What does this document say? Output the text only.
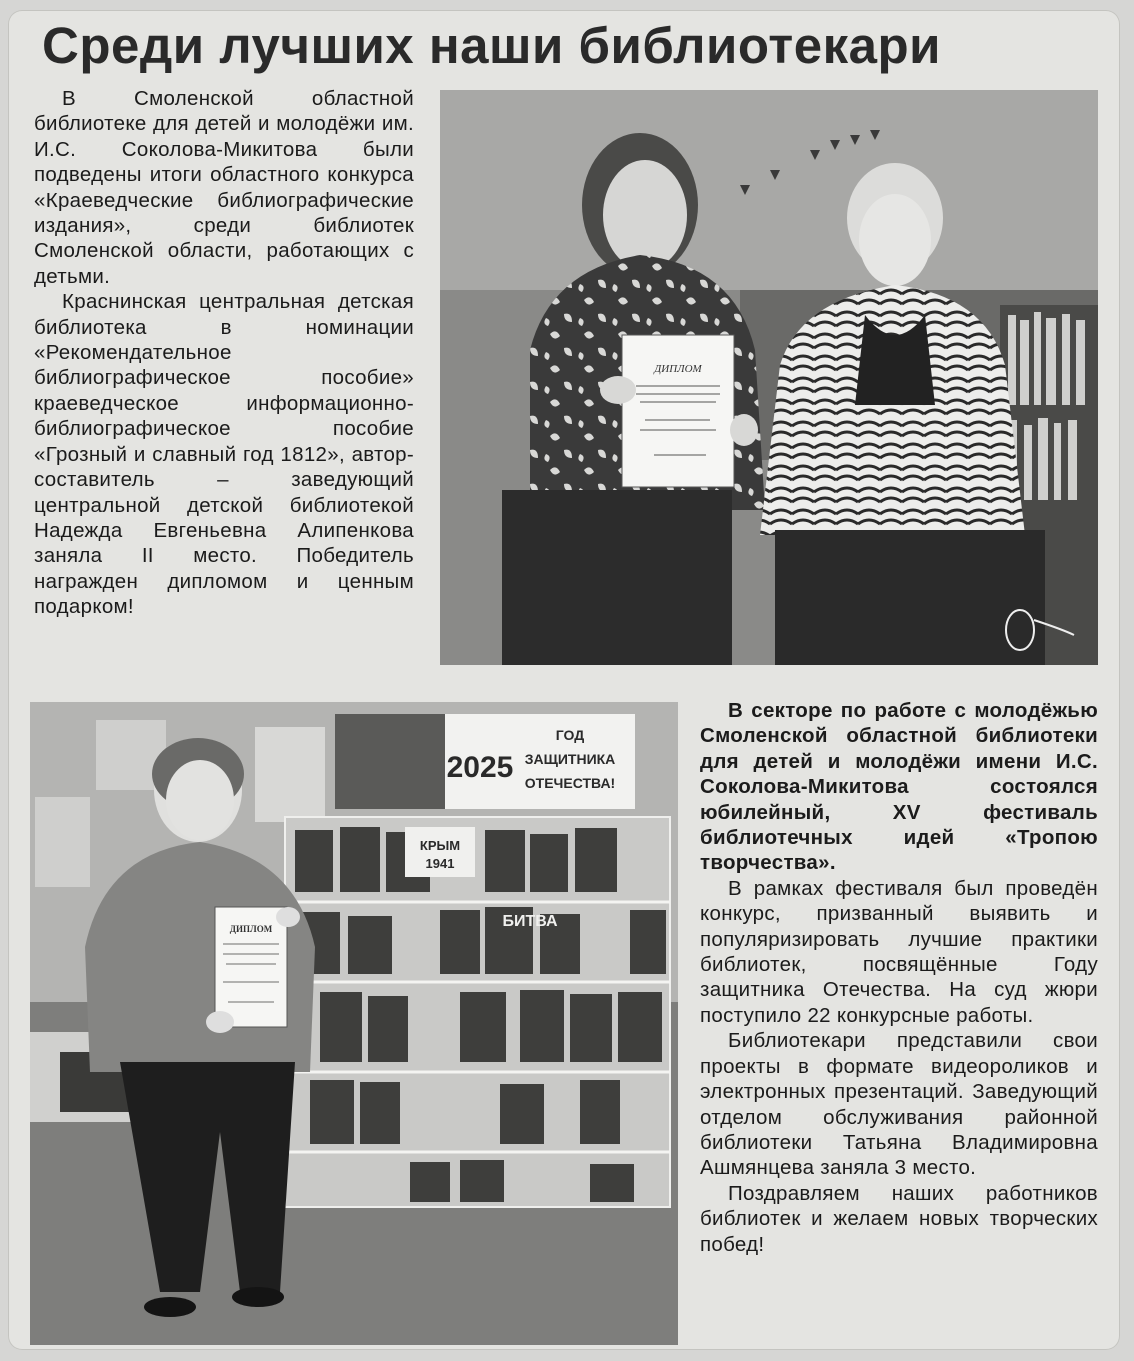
Среди лучших наши библиотекари

В Смоленской областной библиотеке для детей и молодёжи им. И.С. Соколова-Микитова были подведены итоги областного конкурса «Краеведческие библиографические издания», среди библиотек Смоленской области, работающих с детьми.

Краснинская центральная детская библиотека в номинации «Рекомендательное библиографическое пособие» краеведческое информационно-библиографическое пособие «Грозный и славный год 1812», автор-составитель – заведующий центральной детской библиотекой Надежда Евгеньевна Алипенкова заняла II место. Победитель награжден дипломом и ценным подарком!

ДИПЛОМ
2025
ГОД
ЗАЩИТНИКА
ОТЕЧЕСТВА!
КРЫМ
1941
БИТВА
ДИПЛОМ

В секторе по работе с молодёжью Смоленской областной библиотеки для детей и молодёжи имени И.С. Соколова-Микитова состоялся юбилейный, XV фестиваль библиотечных идей «Тропою творчества».

В рамках фестиваля был проведён конкурс, призванный выявить и популяризировать лучшие практики библиотек, посвящённые Году защитника Отечества. На суд жюри поступило 22 конкурсные работы.

Библиотекари представили свои проекты в формате видеороликов и электронных презентаций. Заведующий отделом обслуживания районной библиотеки Татьяна Владимировна Ашмянцева заняла 3 место.

Поздравляем наших работников библиотек и желаем новых творческих побед!
